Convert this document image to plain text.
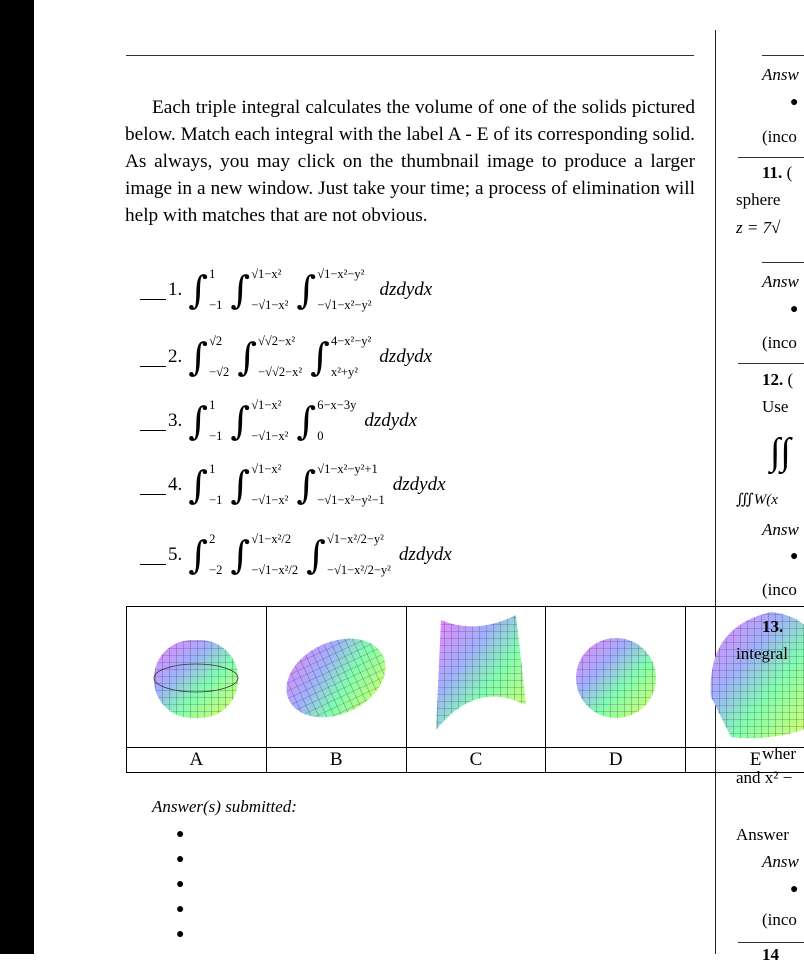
Each triple integral calculates the volume of one of the solids pictured below. Match each integral with the label A - E of its corresponding solid. As always, you may click on the thumbnail image to produce a larger image in a new window. Just take your time; a process of elimination will help with matches that are not obvious.

1. ∫ 1
−1 ∫ √1−x²
−√1−x² ∫ √1−x²−y²
−√1−x²−y²
dzdydx
2. ∫ √2
−√2 ∫ √√2−x²
−√√2−x² ∫ 4−x²−y²
x²+y²
dzdydx
3. ∫ 1
−1 ∫ √1−x²
−√1−x² ∫ 6−x−3y
0
dzdydx
4. ∫ 1
−1 ∫ √1−x²
−√1−x² ∫ √1−x²−y²+1
−√1−x²−y²−1
dzdydx
5. ∫ 2
−2 ∫ √1−x²/2
−√1−x²/2 ∫ √1−x²/2−y²
−√1−x²/2−y²
dzdydx

A	B	C	D	E
Answer(s) submitted:
●
●
●
●
●
Answ
●
(inco
11. (
sphere
z = 7√
Answ
●
(inco
12. (
Use
∫∫
∭W(x
Answ
●
(inco
13.
integral
wher
and x² −
Answer
Answ
●
(inco
14
